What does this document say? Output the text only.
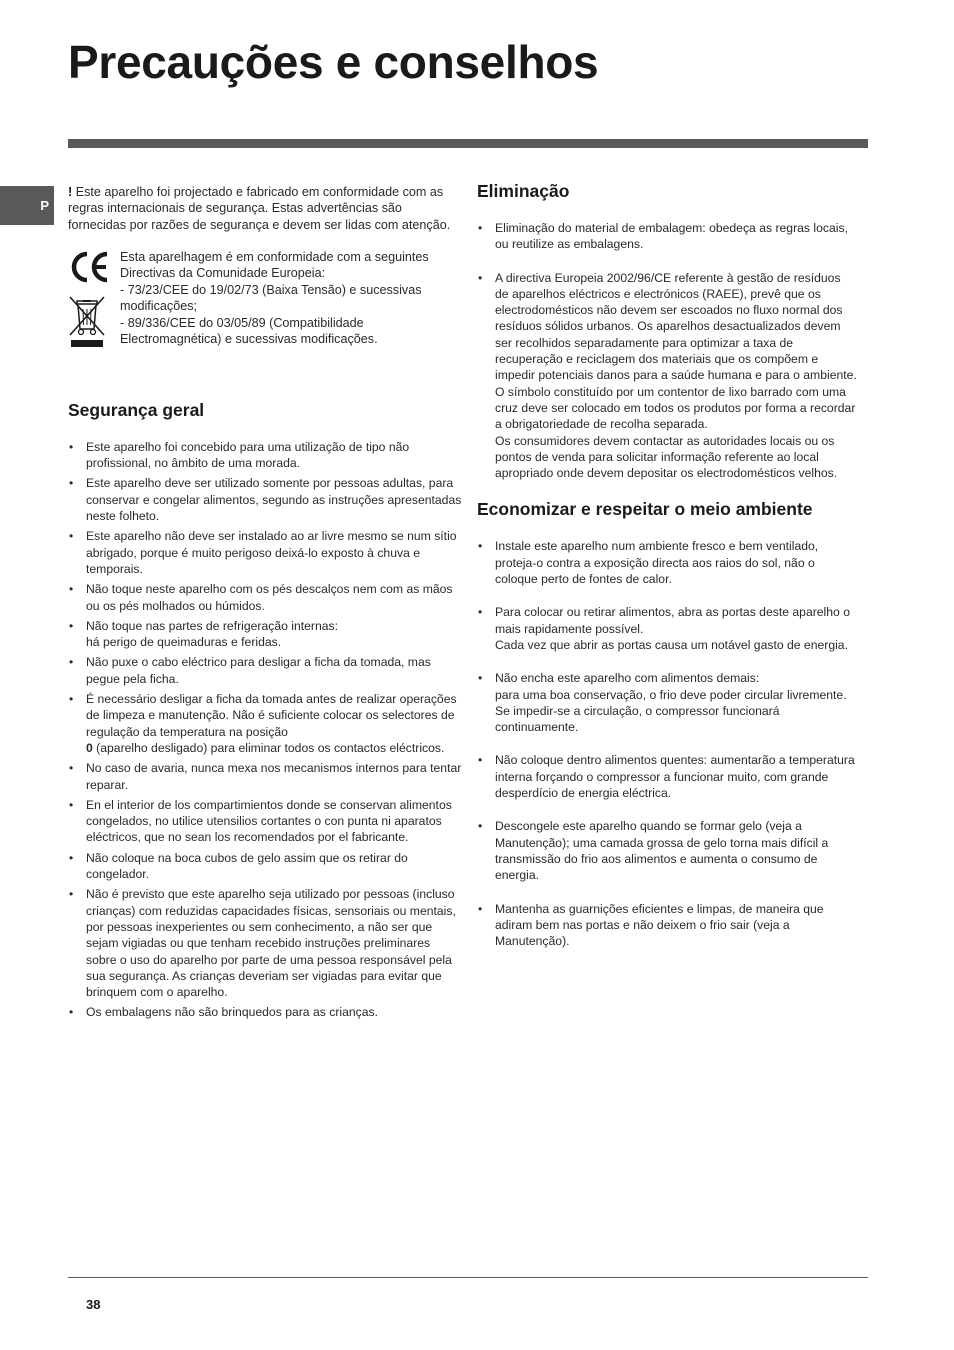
Precauções e conselhos
P

! Este aparelho foi projectado e fabricado em conformidade com as regras internacionais de segurança. Estas advertências são fornecidas por razões de segurança e devem ser lidas com atenção.

Esta aparelhagem é em conformidade com a seguintes Directivas da Comunidade Europeia:
- 73/23/CEE do 19/02/73 (Baixa Tensão) e sucessivas modificações;
- 89/336/CEE do 03/05/89 (Compatibilidade Electromagnética) e sucessivas modificações.
Segurança geral
• Este aparelho foi concebido para uma utilização de tipo não profissional, no âmbito de uma morada.
• Este aparelho deve ser utilizado somente por pessoas adultas, para conservar e congelar alimentos, segundo as instruções apresentadas neste folheto.
• Este aparelho não deve ser instalado ao ar livre mesmo se num sítio abrigado, porque é muito perigoso deixá-lo exposto à chuva e temporais.
• Não toque neste aparelho com os pés descalços nem com as mãos ou os pés molhados ou húmidos.
• Não toque nas partes de refrigeração internas:
há perigo de queimaduras e feridas.
• Não puxe o cabo eléctrico para desligar a ficha da tomada, mas pegue pela ficha.
• É necessário desligar a ficha da tomada antes de realizar operações de limpeza e manutenção. Não é suficiente colocar os selectores de regulação da temperatura na posição
0 (aparelho desligado) para eliminar todos os contactos eléctricos.
• No caso de avaria, nunca mexa nos mecanismos internos para tentar reparar.
• En el interior de los compartimientos donde se conservan alimentos congelados, no utilice utensilios cortantes o con punta ni aparatos eléctricos, que no sean los recomendados por el fabricante.
• Não coloque na boca cubos de gelo assim que os retirar do congelador.
• Não é previsto que este aparelho seja utilizado por pessoas (incluso crianças) com reduzidas capacidades físicas, sensoriais ou mentais, por pessoas inexperientes ou sem conhecimento, a não ser que sejam vigiadas ou que tenham recebido instruções preliminares sobre o uso do aparelho por parte de uma pessoa responsável pela sua segurança. As crianças deveriam ser vigiadas para evitar que brinquem com o aparelho.
• Os embalagens não são brinquedos para as crianças.
Eliminação
• Eliminação do material de embalagem: obedeça as regras locais, ou reutilize as embalagens.
• A directiva Europeia 2002/96/CE referente à gestão de resíduos de aparelhos eléctricos e electrónicos (RAEE), prevê que os electrodomésticos não devem ser escoados no fluxo normal dos resíduos sólidos urbanos. Os aparelhos desactualizados devem ser recolhidos separadamente para optimizar a taxa de recuperação e reciclagem dos materiais que os compõem e impedir potenciais danos para a saúde humana e para o ambiente. O símbolo constituído por um contentor de lixo barrado com uma cruz deve ser colocado em todos os produtos por forma a recordar a obrigatoriedade de recolha separada.
Os consumidores devem contactar as autoridades locais ou os pontos de venda para solicitar informação referente ao local apropriado onde devem depositar os electrodomésticos velhos.
Economizar e respeitar o meio ambiente
• Instale este aparelho num ambiente fresco e bem ventilado, proteja-o contra a exposição directa aos raios do sol, não o coloque perto de fontes de calor.
• Para colocar ou retirar alimentos, abra as portas deste aparelho o mais rapidamente possível.
Cada vez que abrir as portas causa um notável gasto de energia.
• Não encha este aparelho com alimentos demais:
para uma boa conservação, o frio deve poder circular livremente. Se impedir-se a circulação, o compressor funcionará continuamente.
• Não coloque dentro alimentos quentes: aumentarão a temperatura interna forçando o compressor a funcionar muito, com grande desperdício de energia eléctrica.
• Descongele este aparelho quando se formar gelo (veja a Manutenção); uma camada grossa de gelo torna mais difícil a transmissão do frio aos alimentos e aumenta o consumo de energia.
• Mantenha as guarnições eficientes e limpas, de maneira que adiram bem nas portas e não deixem o frio sair (veja a Manutenção).
38
